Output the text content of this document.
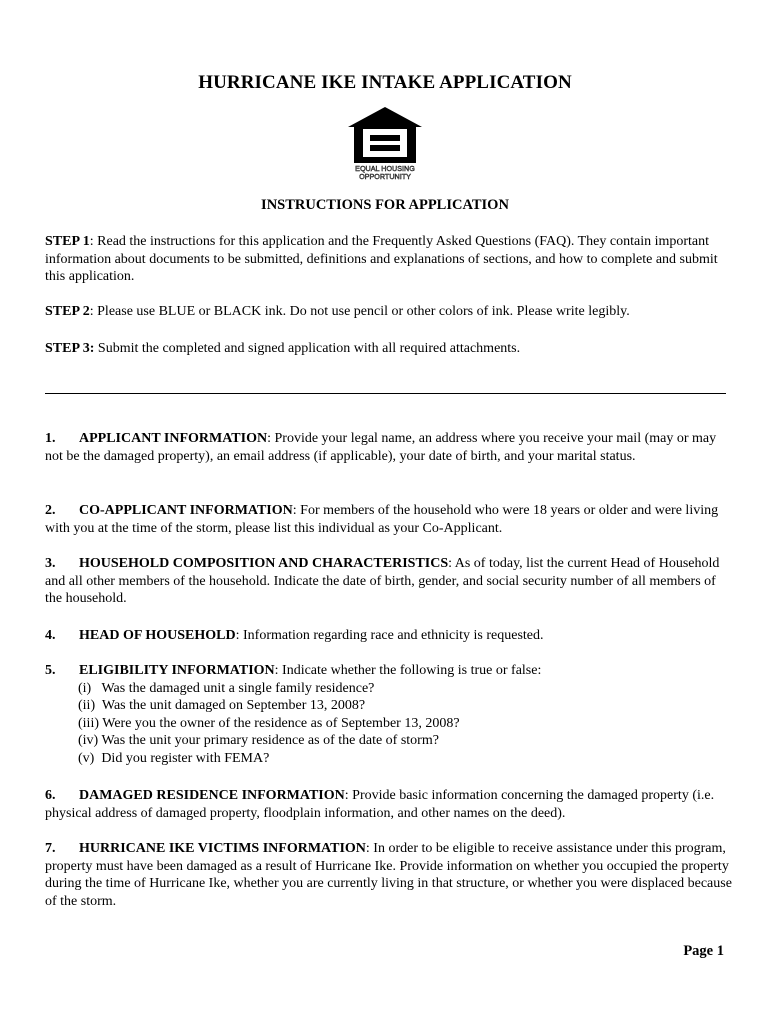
HURRICANE IKE INTAKE APPLICATION
EQUAL HOUSING
OPPORTUNITY
INSTRUCTIONS FOR APPLICATION
STEP 1: Read the instructions for this application and the Frequently Asked Questions (FAQ). They contain important information about documents to be submitted, definitions and explanations of sections, and how to complete and submit this application.
STEP 2: Please use BLUE or BLACK ink. Do not use pencil or other colors of ink. Please write legibly.
STEP 3: Submit the completed and signed application with all required attachments.
1. APPLICANT INFORMATION: Provide your legal name, an address where you receive your mail (may or may not be the damaged property), an email address (if applicable), your date of birth, and your marital status.
2. CO-APPLICANT INFORMATION: For members of the household who were 18 years or older and were living with you at the time of the storm, please list this individual as your Co-Applicant.
3. HOUSEHOLD COMPOSITION AND CHARACTERISTICS: As of today, list the current Head of Household and all other members of the household. Indicate the date of birth, gender, and social security number of all members of the household.
4. HEAD OF HOUSEHOLD: Information regarding race and ethnicity is requested.
5. ELIGIBILITY INFORMATION: Indicate whether the following is true or false:
(i)   Was the damaged unit a single family residence?
(ii)  Was the unit damaged on September 13, 2008?
(iii) Were you the owner of the residence as of September 13, 2008?
(iv) Was the unit your primary residence as of the date of storm?
(v)  Did you register with FEMA?
6. DAMAGED RESIDENCE INFORMATION: Provide basic information concerning the damaged property (i.e. physical address of damaged property, floodplain information, and other names on the deed).
7. HURRICANE IKE VICTIMS INFORMATION: In order to be eligible to receive assistance under this program, property must have been damaged as a result of Hurricane Ike. Provide information on whether you occupied the property during the time of Hurricane Ike, whether you are currently living in that structure, or whether you were displaced because of the storm.
Page 1
